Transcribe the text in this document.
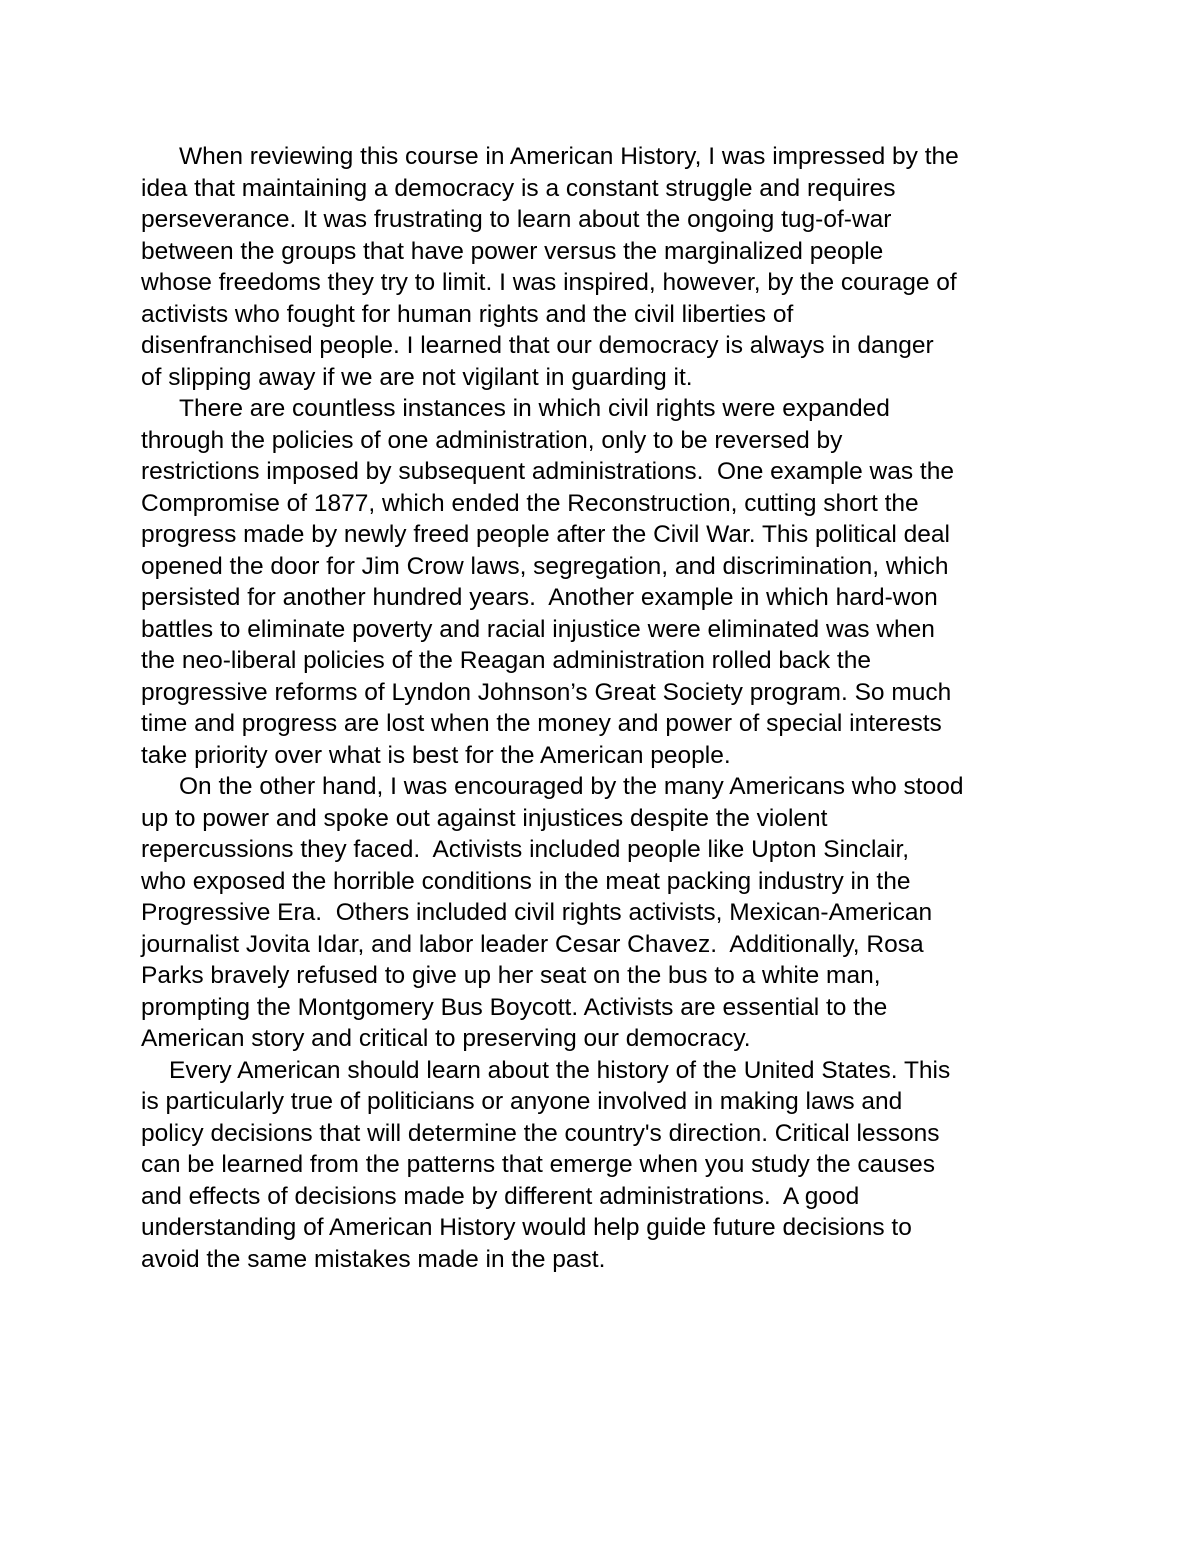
When reviewing this course in American History, I was impressed by the
idea that maintaining a democracy is a constant struggle and requires
perseverance. It was frustrating to learn about the ongoing tug-of-war
between the groups that have power versus the marginalized people
whose freedoms they try to limit. I was inspired, however, by the courage of
activists who fought for human rights and the civil liberties of
disenfranchised people. I learned that our democracy is always in danger
of slipping away if we are not vigilant in guarding it.
There are countless instances in which civil rights were expanded
through the policies of one administration, only to be reversed by
restrictions imposed by subsequent administrations.  One example was the
Compromise of 1877, which ended the Reconstruction, cutting short the
progress made by newly freed people after the Civil War. This political deal
opened the door for Jim Crow laws, segregation, and discrimination, which
persisted for another hundred years.  Another example in which hard-won
battles to eliminate poverty and racial injustice were eliminated was when
the neo-liberal policies of the Reagan administration rolled back the
progressive reforms of Lyndon Johnson’s Great Society program. So much
time and progress are lost when the money and power of special interests
take priority over what is best for the American people.
On the other hand, I was encouraged by the many Americans who stood
up to power and spoke out against injustices despite the violent
repercussions they faced.  Activists included people like Upton Sinclair,
who exposed the horrible conditions in the meat packing industry in the
Progressive Era.  Others included civil rights activists, Mexican-American
journalist Jovita Idar, and labor leader Cesar Chavez.  Additionally, Rosa
Parks bravely refused to give up her seat on the bus to a white man,
prompting the Montgomery Bus Boycott. Activists are essential to the
American story and critical to preserving our democracy.
Every American should learn about the history of the United States. This
is particularly true of politicians or anyone involved in making laws and
policy decisions that will determine the country's direction. Critical lessons
can be learned from the patterns that emerge when you study the causes
and effects of decisions made by different administrations.  A good
understanding of American History would help guide future decisions to
avoid the same mistakes made in the past.
